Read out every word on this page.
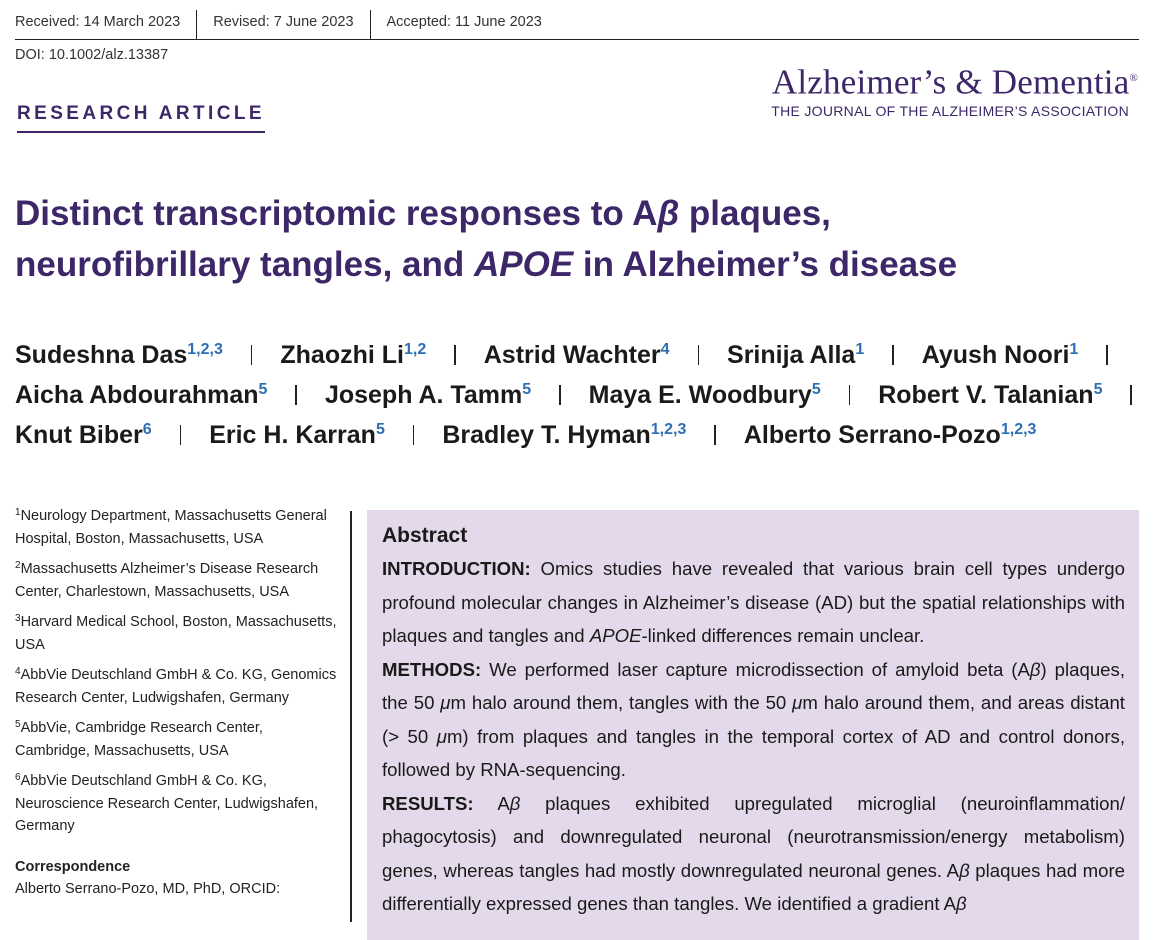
Received: 14 March 2023	Revised: 7 June 2023	Accepted: 11 June 2023
DOI: 10.1002/alz.13387
Alzheimer’s & Dementia®
THE JOURNAL OF THE ALZHEIMER’S ASSOCIATION
RESEARCH ARTICLE
Distinct transcriptomic responses to Aβ plaques,
neurofibrillary tangles, and APOE in Alzheimer’s disease
Sudeshna Das$^{1,2,3}$ Zhaozhi Li$^{1,2}$ Astrid Wachter$^4$ Srinija Alla$^1$ Ayush Noori$^1$
Aicha Abdourahman$^5$ Joseph A. Tamm$^5$ Maya E. Woodbury$^5$ Robert V. Talanian$^5$
Knut Biber$^6$ Eric H. Karran$^5$ Bradley T. Hyman$^{1,2,3}$ Alberto Serrano-Pozo$^{1,2,3}$
$^1$Neurology Department, Massachusetts General Hospital, Boston, Massachusetts, USA
$^2$Massachusetts Alzheimer’s Disease Research Center, Charlestown, Massachusetts, USA
$^3$Harvard Medical School, Boston, Massachusetts, USA
$^4$AbbVie Deutschland GmbH & Co. KG, Genomics Research Center, Ludwigshafen, Germany
$^5$AbbVie, Cambridge Research Center, Cambridge, Massachusetts, USA
$^6$AbbVie Deutschland GmbH & Co. KG, Neuroscience Research Center, Ludwigshafen, Germany
Correspondence
Alberto Serrano-Pozo, MD, PhD, ORCID:
Abstract

INTRODUCTION: Omics studies have revealed that various brain cell types undergo profound molecular changes in Alzheimer’s disease (AD) but the spatial relationships with plaques and tangles and APOE-linked differences remain unclear.

METHODS: We performed laser capture microdissection of amyloid beta (Aβ) plaques, the 50 μm halo around them, tangles with the 50 μm halo around them, and areas distant (> 50 μm) from plaques and tangles in the temporal cortex of AD and control donors, followed by RNA-sequencing.

RESULTS: Aβ plaques exhibited upregulated microglial (neuroinflammation/ phagocytosis) and downregulated neuronal (neurotransmission/energy metabolism) genes, whereas tangles had mostly downregulated neuronal genes. Aβ plaques had more differentially expressed genes than tangles. We identified a gradient Aβ
